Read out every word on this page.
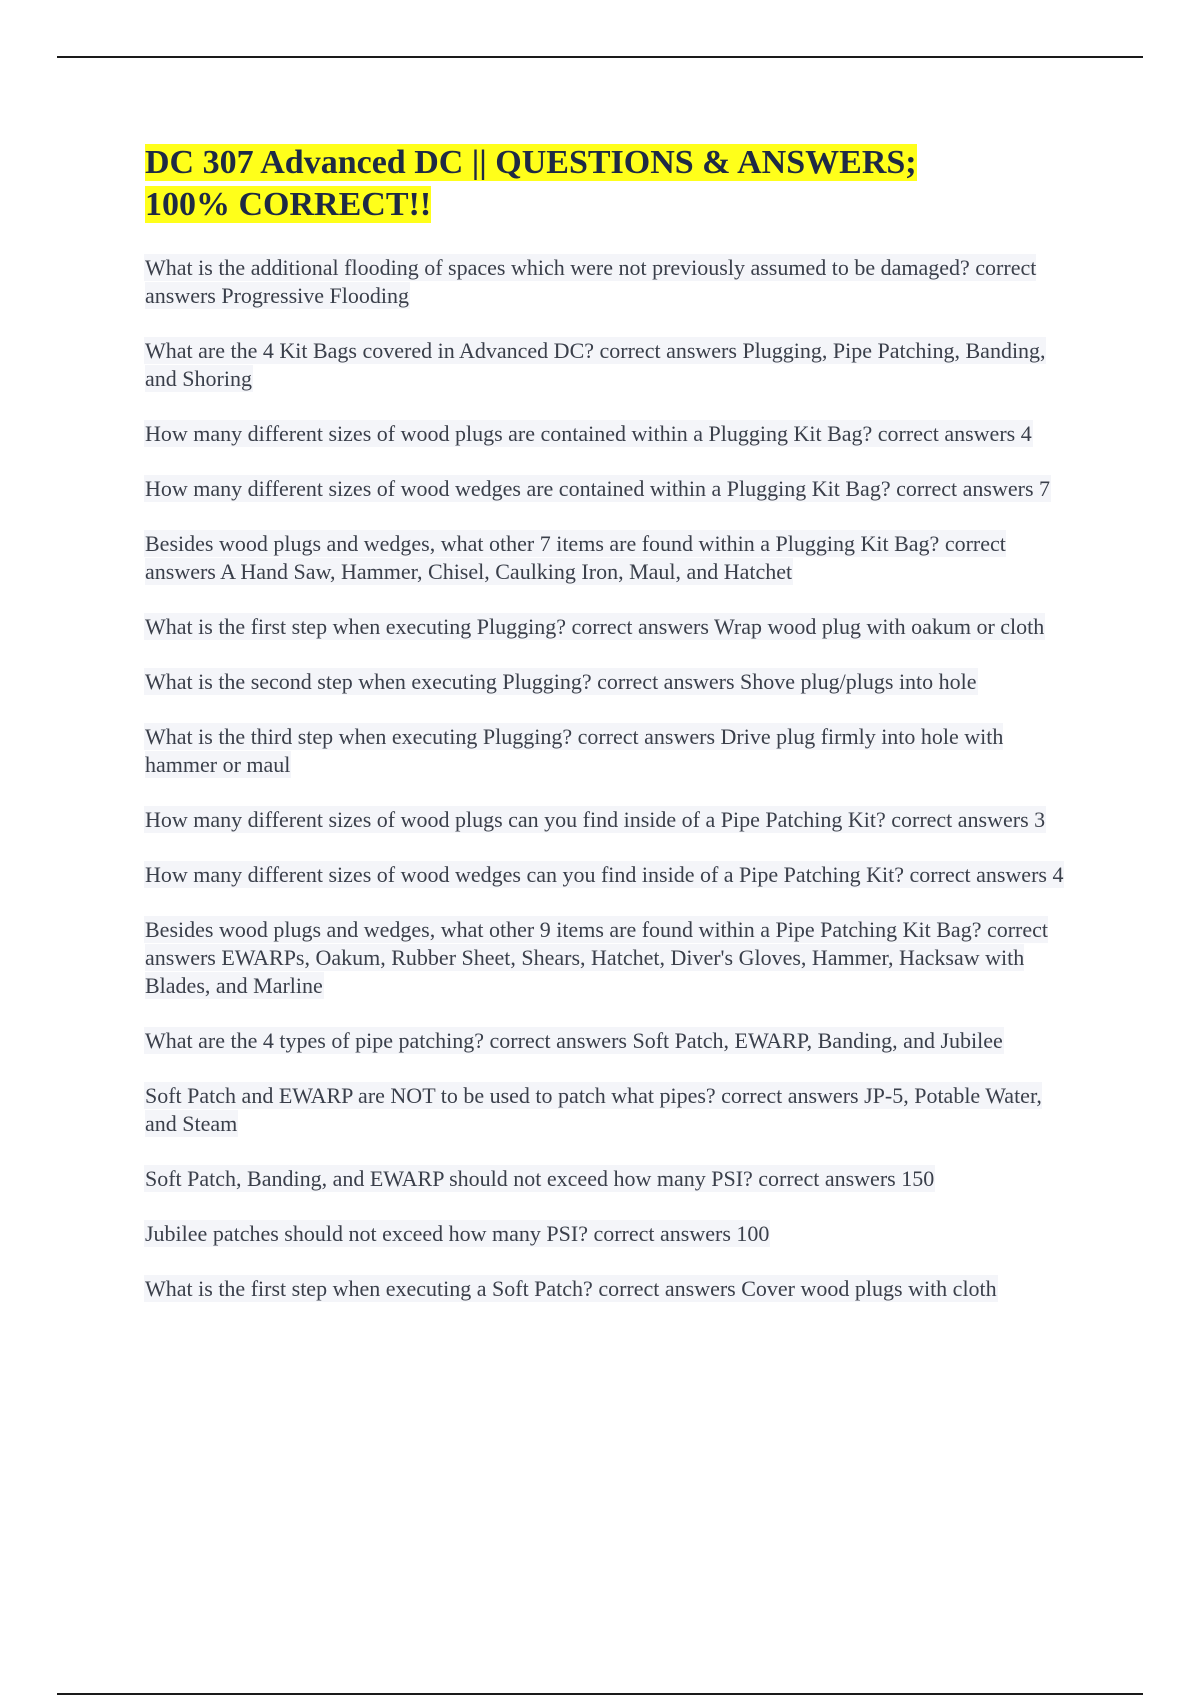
DC 307 Advanced DC || QUESTIONS & ANSWERS;
100% CORRECT!!
What is the additional flooding of spaces which were not previously assumed to be damaged? correct answers Progressive Flooding
What are the 4 Kit Bags covered in Advanced DC? correct answers Plugging, Pipe Patching, Banding, and Shoring
How many different sizes of wood plugs are contained within a Plugging Kit Bag? correct answers 4
How many different sizes of wood wedges are contained within a Plugging Kit Bag? correct answers 7
Besides wood plugs and wedges, what other 7 items are found within a Plugging Kit Bag? correct answers A Hand Saw, Hammer, Chisel, Caulking Iron, Maul, and Hatchet
What is the first step when executing Plugging? correct answers Wrap wood plug with oakum or cloth
What is the second step when executing Plugging? correct answers Shove plug/plugs into hole
What is the third step when executing Plugging? correct answers Drive plug firmly into hole with hammer or maul
How many different sizes of wood plugs can you find inside of a Pipe Patching Kit? correct answers 3
How many different sizes of wood wedges can you find inside of a Pipe Patching Kit? correct answers 4
Besides wood plugs and wedges, what other 9 items are found within a Pipe Patching Kit Bag? correct answers EWARPs, Oakum, Rubber Sheet, Shears, Hatchet, Diver's Gloves, Hammer, Hacksaw with Blades, and Marline
What are the 4 types of pipe patching? correct answers Soft Patch, EWARP, Banding, and Jubilee
Soft Patch and EWARP are NOT to be used to patch what pipes? correct answers JP-5, Potable Water, and Steam
Soft Patch, Banding, and EWARP should not exceed how many PSI? correct answers 150
Jubilee patches should not exceed how many PSI? correct answers 100
What is the first step when executing a Soft Patch? correct answers Cover wood plugs with cloth
